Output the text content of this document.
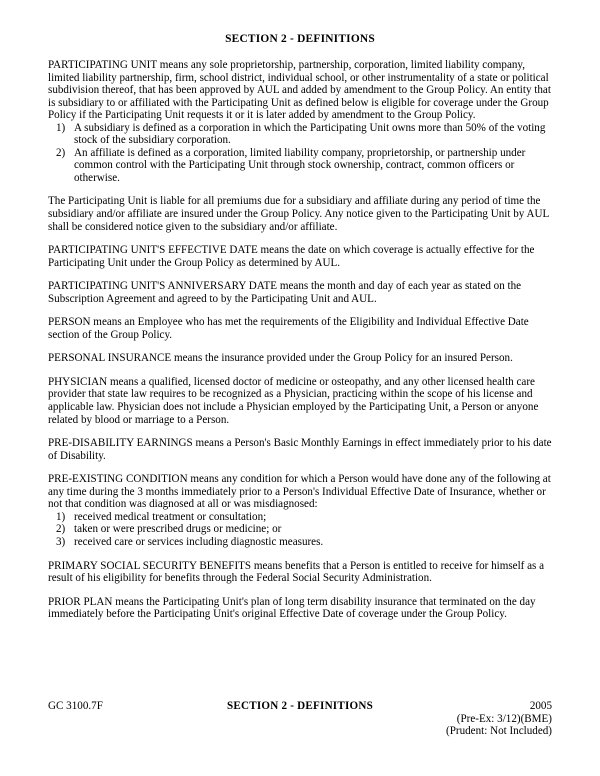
SECTION 2 - DEFINITIONS

PARTICIPATING UNIT means any sole proprietorship, partnership, corporation, limited liability company, limited liability partnership, firm, school district, individual school, or other instrumentality of a state or political subdivision thereof, that has been approved by AUL and added by amendment to the Group Policy. An entity that is subsidiary to or affiliated with the Participating Unit as defined below is eligible for coverage under the Group Policy if the Participating Unit requests it or it is later added by amendment to the Group Policy.

1) A subsidiary is defined as a corporation in which the Participating Unit owns more than 50% of the voting stock of the subsidiary corporation.
2) An affiliate is defined as a corporation, limited liability company, proprietorship, or partnership under common control with the Participating Unit through stock ownership, contract, common officers or otherwise.

The Participating Unit is liable for all premiums due for a subsidiary and affiliate during any period of time the subsidiary and/or affiliate are insured under the Group Policy. Any notice given to the Participating Unit by AUL shall be considered notice given to the subsidiary and/or affiliate.

PARTICIPATING UNIT'S EFFECTIVE DATE means the date on which coverage is actually effective for the Participating Unit under the Group Policy as determined by AUL.

PARTICIPATING UNIT'S ANNIVERSARY DATE means the month and day of each year as stated on the Subscription Agreement and agreed to by the Participating Unit and AUL.

PERSON means an Employee who has met the requirements of the Eligibility and Individual Effective Date section of the Group Policy.

PERSONAL INSURANCE means the insurance provided under the Group Policy for an insured Person.

PHYSICIAN means a qualified, licensed doctor of medicine or osteopathy, and any other licensed health care provider that state law requires to be recognized as a Physician, practicing within the scope of his license and applicable law. Physician does not include a Physician employed by the Participating Unit, a Person or anyone related by blood or marriage to a Person.

PRE-DISABILITY EARNINGS means a Person's Basic Monthly Earnings in effect immediately prior to his date of Disability.

PRE-EXISTING CONDITION means any condition for which a Person would have done any of the following at any time during the 3 months immediately prior to a Person's Individual Effective Date of Insurance, whether or not that condition was diagnosed at all or was misdiagnosed:

1) received medical treatment or consultation;
2) taken or were prescribed drugs or medicine; or
3) received care or services including diagnostic measures.

PRIMARY SOCIAL SECURITY BENEFITS means benefits that a Person is entitled to receive for himself as a result of his eligibility for benefits through the Federal Social Security Administration.

PRIOR PLAN means the Participating Unit's plan of long term disability insurance that terminated on the day immediately before the Participating Unit's original Effective Date of coverage under the Group Policy.

GC 3100.7F	SECTION 2 - DEFINITIONS	2005
(Pre-Ex: 3/12)(BME)
(Prudent: Not Included)
